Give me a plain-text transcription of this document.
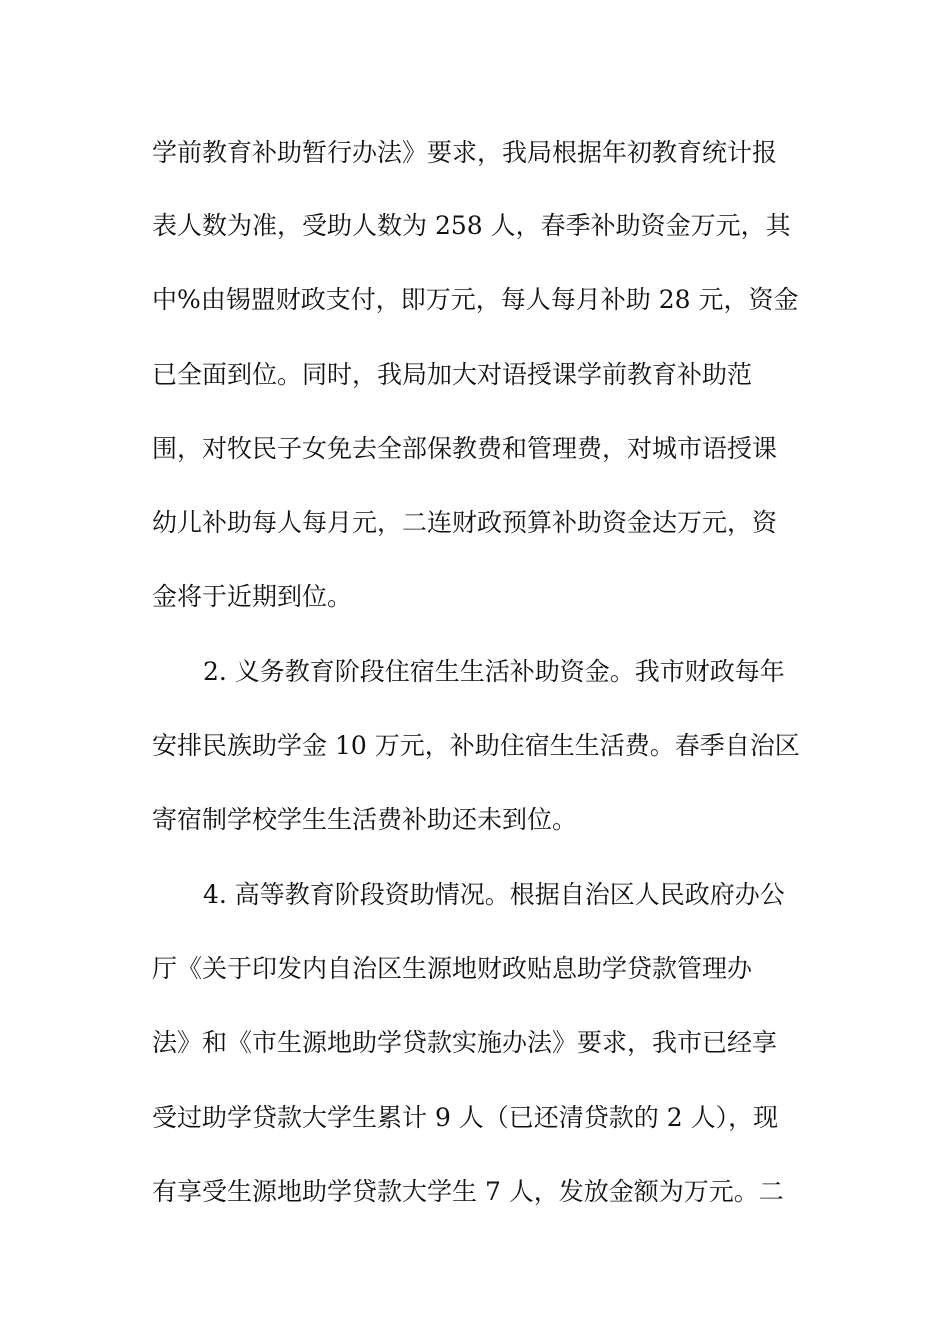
学前教育补助暂行办法》要求，我局根据年初教育统计报
表人数为准，受助人数为 258 人，春季补助资金万元，其
中%由锡盟财政支付，即万元，每人每月补助 28 元，资金
已全面到位。同时，我局加大对语授课学前教育补助范
围，对牧民子女免去全部保教费和管理费，对城市语授课
幼儿补助每人每月元，二连财政预算补助资金达万元，资
金将于近期到位。
2. 义务教育阶段住宿生生活补助资金。我市财政每年
安排民族助学金 10 万元，补助住宿生生活费。春季自治区
寄宿制学校学生生活费补助还未到位。
4. 高等教育阶段资助情况。根据自治区人民政府办公
厅《关于印发内自治区生源地财政贴息助学贷款管理办
法》和《市生源地助学贷款实施办法》要求，我市已经享
受过助学贷款大学生累计 9 人（已还清贷款的 2 人），现
有享受生源地助学贷款大学生 7 人，发放金额为万元。二
